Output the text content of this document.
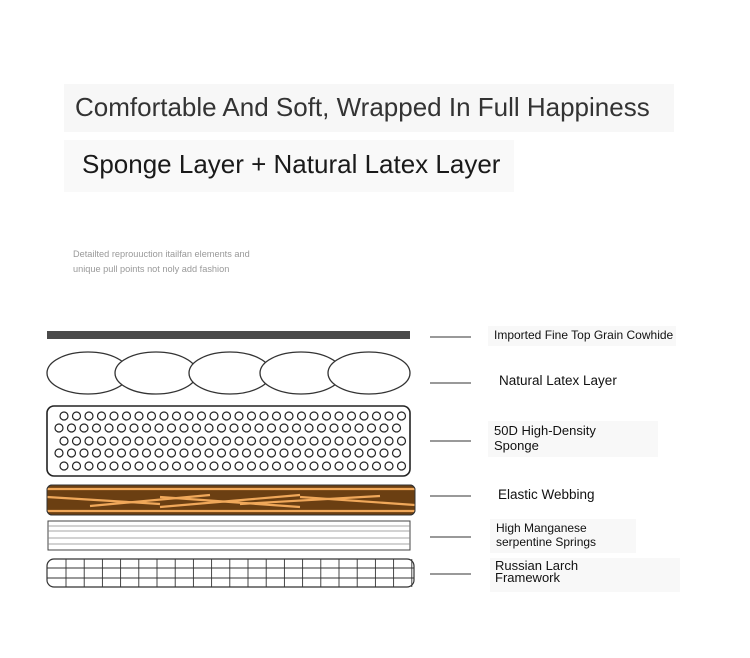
Comfortable And Soft, Wrapped In Full Happiness
Sponge Layer + Natural Latex Layer
Detailted reprouuction itailfan elements and
unique pull points not noly add fashion
Imported Fine Top Grain Cowhide
Natural Latex Layer
50D High-Density
Sponge
Elastic Webbing
High Manganese
serpentine Springs
Russian Larch
Framework
